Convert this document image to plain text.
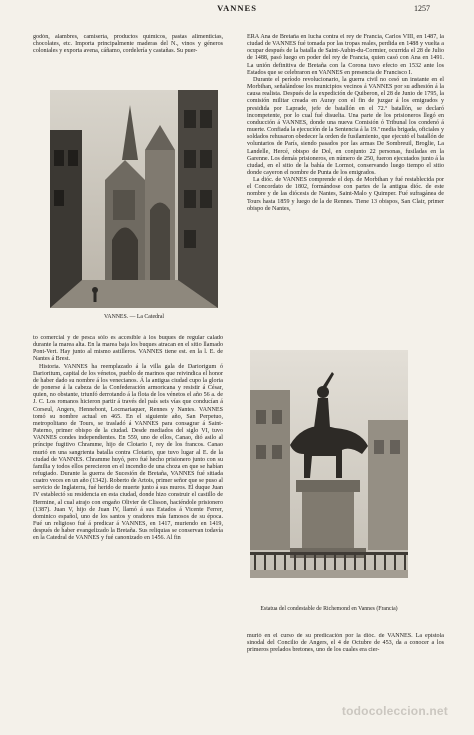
VANNES	1257

godón, alambres, camisería, productos químicos, pastas alimenticias, chocolates, etc. Importa principalmente maderas del N., vinos y géneros coloniales y exporta avena, cáñamo, cordelería y castañas. Su puer-

ERA Ana de Bretaña en lucha contra el rey de Francia, Carlos VIII, en 1487, la ciudad de VANNES fué tomada por las tropas reales, perdida en 1488 y vuelta a ocupar después de la batalla de Saint-Aubin-du-Cormier, ocurrida el 28 de Julio de 1488, pasó luego en poder del rey de Francia, quien casó con Ana en 1491. La unión definitiva de Bretaña con la Corona tuvo efecto en 1532 ante los Estados que se celebraron en VANNES en presencia de Francisco I.

Durante el período revolucionario, la guerra civil no cesó un instante en el Morbihan, señalándose los municipios vecinos á VANNES por su adhesión á la causa realista. Después de la expedición de Quiberon, el 28 de Junio de 1795, la comisión militar creada en Auray con el fin de juzgar á los emigrados y presidida por Laprade, jefe de batallón en el 72.º batallón, se declaró incompetente, por lo cual fué disuelta. Una parte de los prisioneros llegó en conducción á VANNES, donde una nueva Comisión ó Tribunal los condenó á muerte. Confiada la ejecución de la Sentencia á la 19.ª media brigada, oficiales y soldados rehusaron obedecer la orden de fusilamiento, que ejecutó el batallón de voluntarios de París, siendo pasados por las armas De Sombreuil, Broglie, La Landelle, Hercé, obispo de Dol, en conjunto 22 personas, fusiladas en la Garenne. Los demás prisioneros, en número de 250, fueron ejecutados junto á la ciudad, en el sitio de la bahía de Lormot, conservando luego tiempo el sitio donde cayeron el nombre de Punta de los emigrados.

La dióc. de VANNES comprende el dep. de Morbihan y fué restablecida por el Concordato de 1802, formándose con partes de la antigua dióc. de este nombre y de las diócesis de Nantes, Saint-Malo y Quimper. Fué sufragánea de Tours hasta 1859 y luego de la de Rennes. Tiene 13 obispos, San Clair, primer obispo de Nantes,

VANNES. — La Catedral

to comercial y de pesca sólo es accesible á los buques de regular calado durante la marea alta. En la marea baja los buques atracan en el sitio llamado Pont-Vert. Hay junto al mismo astilleros. VANNES tiene est. en la l. E. de Nantes á Brest.

Historia. VANNES ha reemplazado á la villa gala de Dariorigum ó Darioritum, capital de los vénetos, pueblo de marinos que reivindica el honor de haber dado su nombre á los venecianos. Á la antigua ciudad cupo la gloria de ponerse á la cabeza de la Confederación armoricana y resistir á César, quien, no obstante, triunfó derrotando á la flota de los vénetos el año 56 a. de J. C. Los romanos hicieron partir á través del país seis vías que conducían á Corseul, Angers, Hennebont, Locmariaquer, Rennes y Nantes. VANNES tomó su nombre actual en 465. En el siguiente año, San Perpetuo, metropolitano de Tours, se trasladó á VANNES para consagrar á Saint-Paterno, primer obispo de la ciudad. Desde mediados del siglo VI, tuvo VANNES condes independientes. En 559, uno de ellos, Canao, dió asilo al príncipe fugitivo Chramme, hijo de Clotario I, rey de los francos. Canao murió en una sangrienta batalla contra Clotario, que tuvo lugar al E. de la ciudad de VANNES. Chramme huyó, pero fué hecho prisionero junto con su familia y todos ellos perecieron en el incendio de una choza en que se habían refugiado. Durante la guerra de Sucesión de Bretaña, VANNES fué sitiada cuatro veces en un año (1342). Roberto de Artois, primer señor que se puso al servicio de Inglaterra, fué herido de muerte junto á sus muros. El duque Juan IV estableció su residencia en esta ciudad, donde hizo construir el castillo de Hermine, al cual atrajo con engaño Olivier de Clisson, haciéndole prisionero (1387). Juan V, hijo de Juan IV, llamó á sus Estados á Vicente Ferrer, dominico español, uno de los santos y oradores más famosos de su época. Fué un religioso fué á predicar á VANNES, en 1417, muriendo en 1419, después de haber evangelizado la Bretaña. Sus reliquias se conservan todavía en la Catedral de VANNES y fué canonizado en 1456. Al fin

Estatua del condestable de Richemond en Vannes (Francia)

murió en el curso de su predicación por la dióc. de VANNES. La epístola sinodal del Concilio de Angers, el 4 de Octubre de 453, da a conocer a los primeros prelados bretones, uno de los cuales era cier-

todocoleccion.net
